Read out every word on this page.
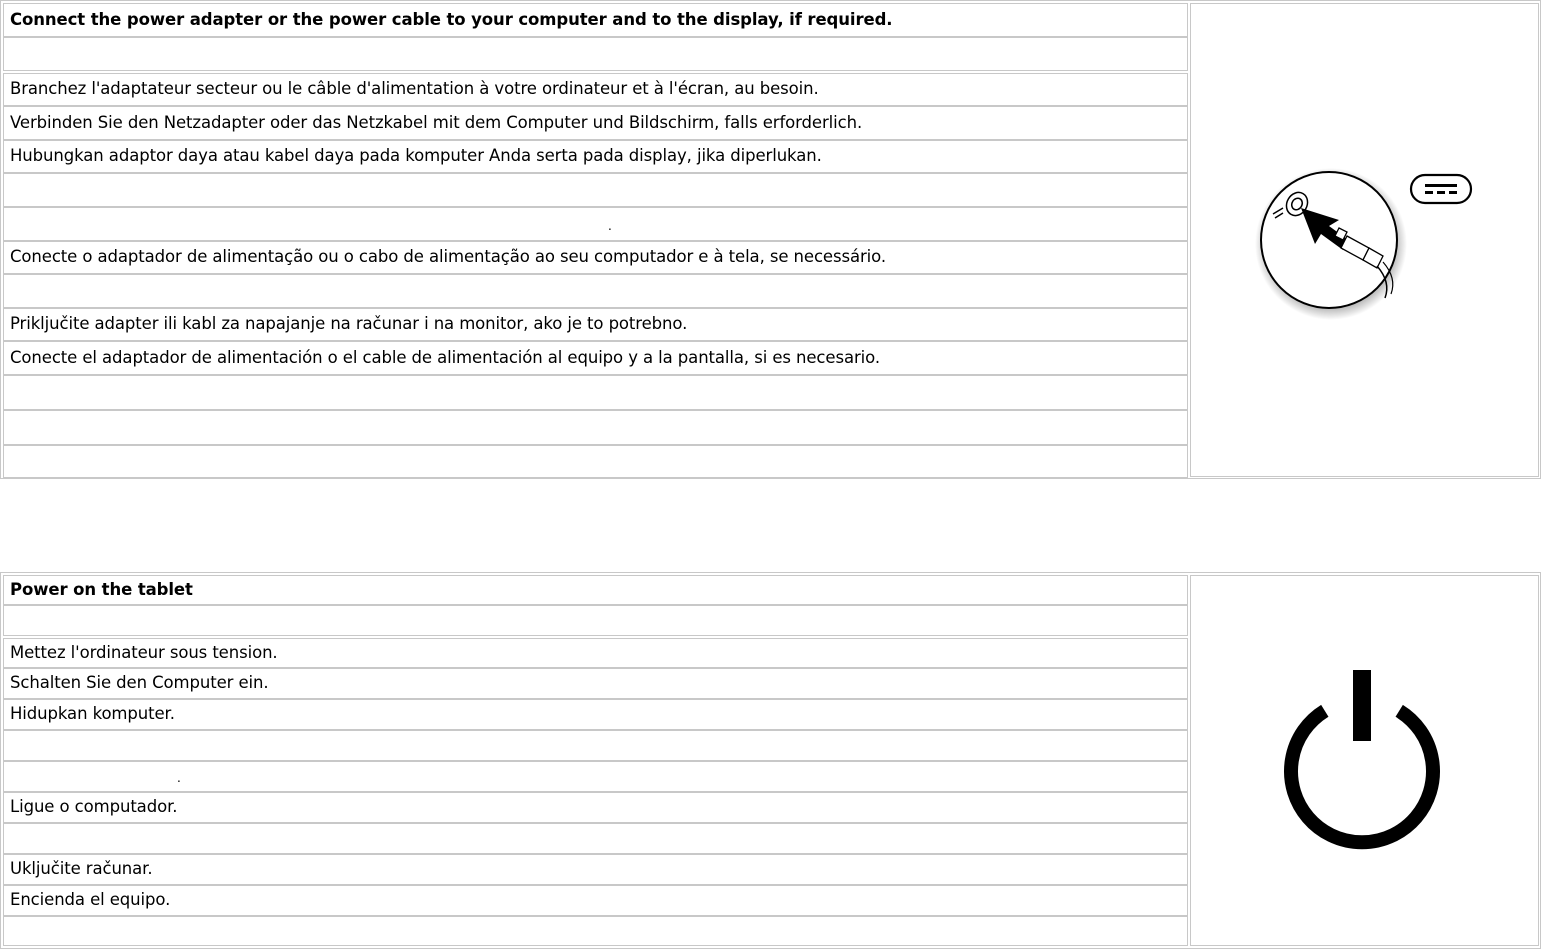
Connect the power adapter or the power cable to your computer and to the display, if required.
Branchez l'adaptateur secteur ou le câble d'alimentation à votre ordinateur et à l'écran, au besoin.
Verbinden Sie den Netzadapter oder das Netzkabel mit dem Computer und Bildschirm, falls erforderlich.
Hubungkan adaptor daya atau kabel daya pada komputer Anda serta pada display, jika diperlukan.
.
Conecte o adaptador de alimentação ou o cabo de alimentação ao seu computador e à tela, se necessário.
Priključite adapter ili kabl za napajanje na računar i na monitor, ako je to potrebno.
Conecte el adaptador de alimentación o el cable de alimentación al equipo y a la pantalla, si es necesario.
Power on the tablet
Mettez l'ordinateur sous tension.
Schalten Sie den Computer ein.
Hidupkan komputer.
.
Ligue o computador.
Uključite računar.
Encienda el equipo.
